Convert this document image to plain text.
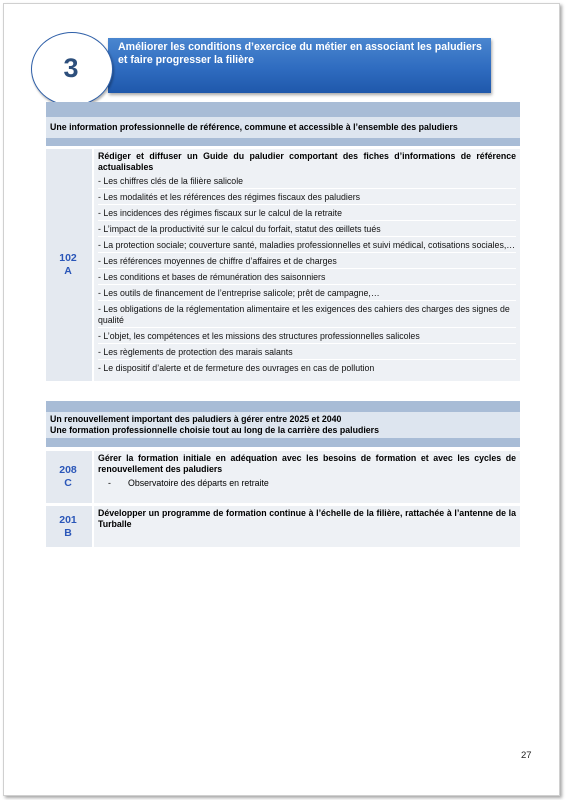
Améliorer les conditions d’exercice du métier en associant les paludiers et faire progresser la filière
3
Une information professionnelle de référence, commune et accessible à l’ensemble des paludiers
102
A
Rédiger et diffuser un Guide du paludier comportant des fiches d’informations de référence actualisables
- Les chiffres clés de la filière salicole
- Les modalités et les références des régimes fiscaux des paludiers
- Les incidences des régimes fiscaux sur le calcul de la retraite
- L’impact de la productivité sur le calcul du forfait, statut des œillets tués
- La protection sociale; couverture santé, maladies professionnelles et suivi médical, cotisations sociales,…
- Les références moyennes de chiffre d’affaires et de charges
- Les conditions et bases de rémunération des saisonniers
- Les outils de financement de l’entreprise salicole; prêt de campagne,…
- Les obligations de la réglementation alimentaire et les exigences des cahiers des charges des signes de qualité
- L’objet, les compétences et les missions des structures professionnelles salicoles
- Les règlements de protection des marais salants
- Le dispositif d’alerte et de fermeture des ouvrages en cas de pollution
Un renouvellement important des paludiers à gérer entre 2025 et 2040
Une formation professionnelle choisie tout au long de la carrière des paludiers
208
C
Gérer la formation initiale en adéquation avec les besoins de formation et avec les cycles de renouvellement des paludiers
- Observatoire des départs en retraite
201
B
Développer un programme de formation continue à l’échelle de la filière, rattachée à l’antenne de la Turballe
27
